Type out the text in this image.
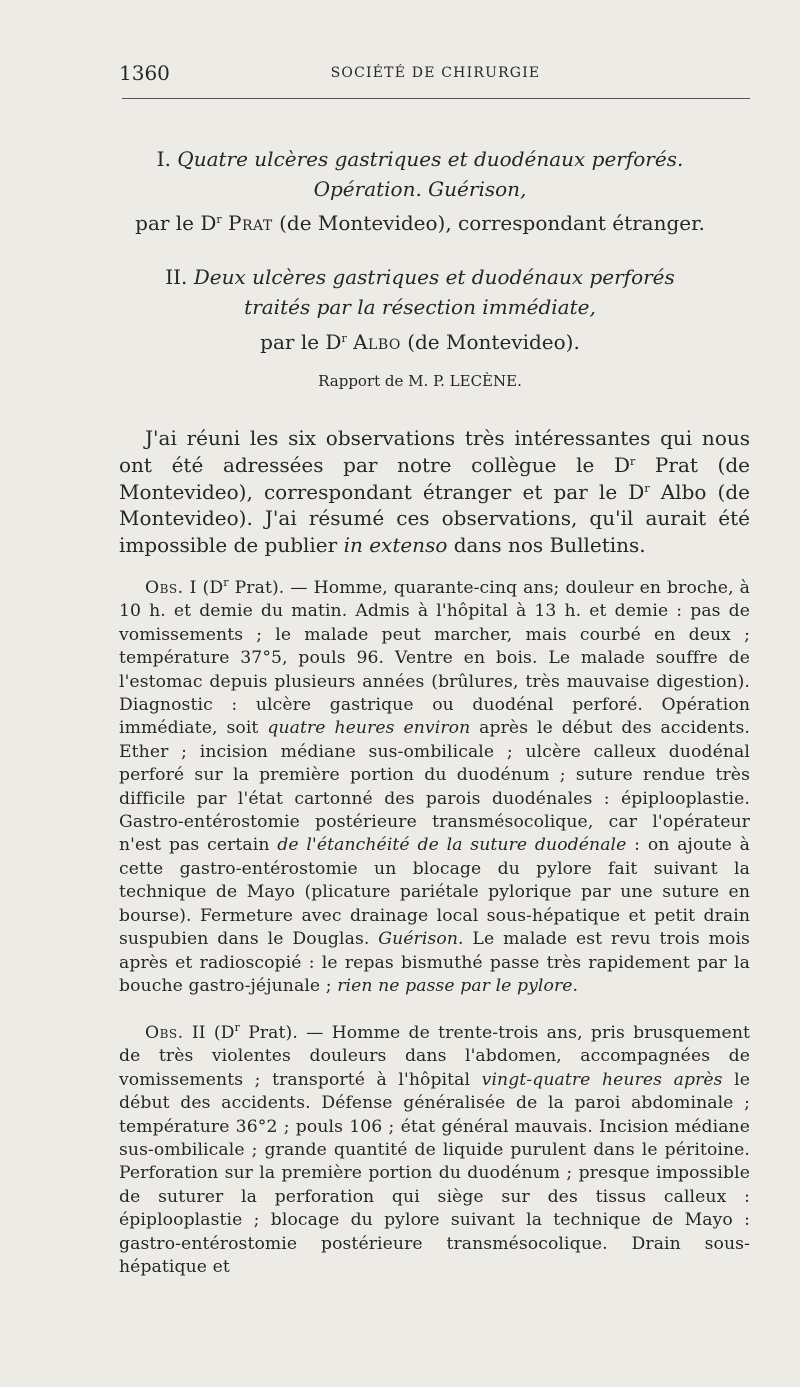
1360	SOCIÉTÉ DE CHIRURGIE
I. Quatre ulcères gastriques et duodénaux perforés.
Opération. Guérison,
par le $D^r$ Prat (de Montevideo), correspondant étranger.
II. Deux ulcères gastriques et duodénaux perforés
traités par la résection immédiate,
par le $D^r$ Albo (de Montevideo).
Rapport de M. P. LECÈNE.

J'ai réuni les six observations très intéressantes qui nous ont été adressées par notre collègue le $D^r$ Prat (de Montevideo), correspondant étranger et par le $D^r$ Albo (de Montevideo). J'ai résumé ces observations, qu'il aurait été impossible de publier in extenso dans nos Bulletins.

Obs. I ($D^r$ Prat). — Homme, quarante-cinq ans; douleur en broche, à 10 h. et demie du matin. Admis à l'hôpital à 13 h. et demie : pas de vomissements ; le malade peut marcher, mais courbé en deux ; température 37°5, pouls 96. Ventre en bois. Le malade souffre de l'estomac depuis plusieurs années (brûlures, très mauvaise digestion). Diagnostic : ulcère gastrique ou duodénal perforé. Opération immédiate, soit quatre heures environ après le début des accidents. Ether ; incision médiane sus-ombilicale ; ulcère calleux duodénal perforé sur la première portion du duodénum ; suture rendue très difficile par l'état cartonné des parois duodénales : épiplooplastie. Gastro-entérostomie postérieure transmésocolique, car l'opérateur n'est pas certain de l'étanchéité de la suture duodénale : on ajoute à cette gastro-entérostomie un blocage du pylore fait suivant la technique de Mayo (plicature pariétale pylorique par une suture en bourse). Fermeture avec drainage local sous-hépatique et petit drain suspubien dans le Douglas. Guérison. Le malade est revu trois mois après et radioscopié : le repas bismuthé passe très rapidement par la bouche gastro-jéjunale ; rien ne passe par le pylore.

Obs. II ($D^r$ Prat). — Homme de trente-trois ans, pris brusquement de très violentes douleurs dans l'abdomen, accompagnées de vomissements ; transporté à l'hôpital vingt-quatre heures après le début des accidents. Défense généralisée de la paroi abdominale ; température 36°2 ; pouls 106 ; état général mauvais. Incision médiane sus-ombilicale ; grande quantité de liquide purulent dans le péritoine. Perforation sur la première portion du duodénum ; presque impossible de suturer la perforation qui siège sur des tissus calleux : épiplooplastie ; blocage du pylore suivant la technique de Mayo : gastro-entérostomie postérieure transmésocolique. Drain sous-hépatique et
